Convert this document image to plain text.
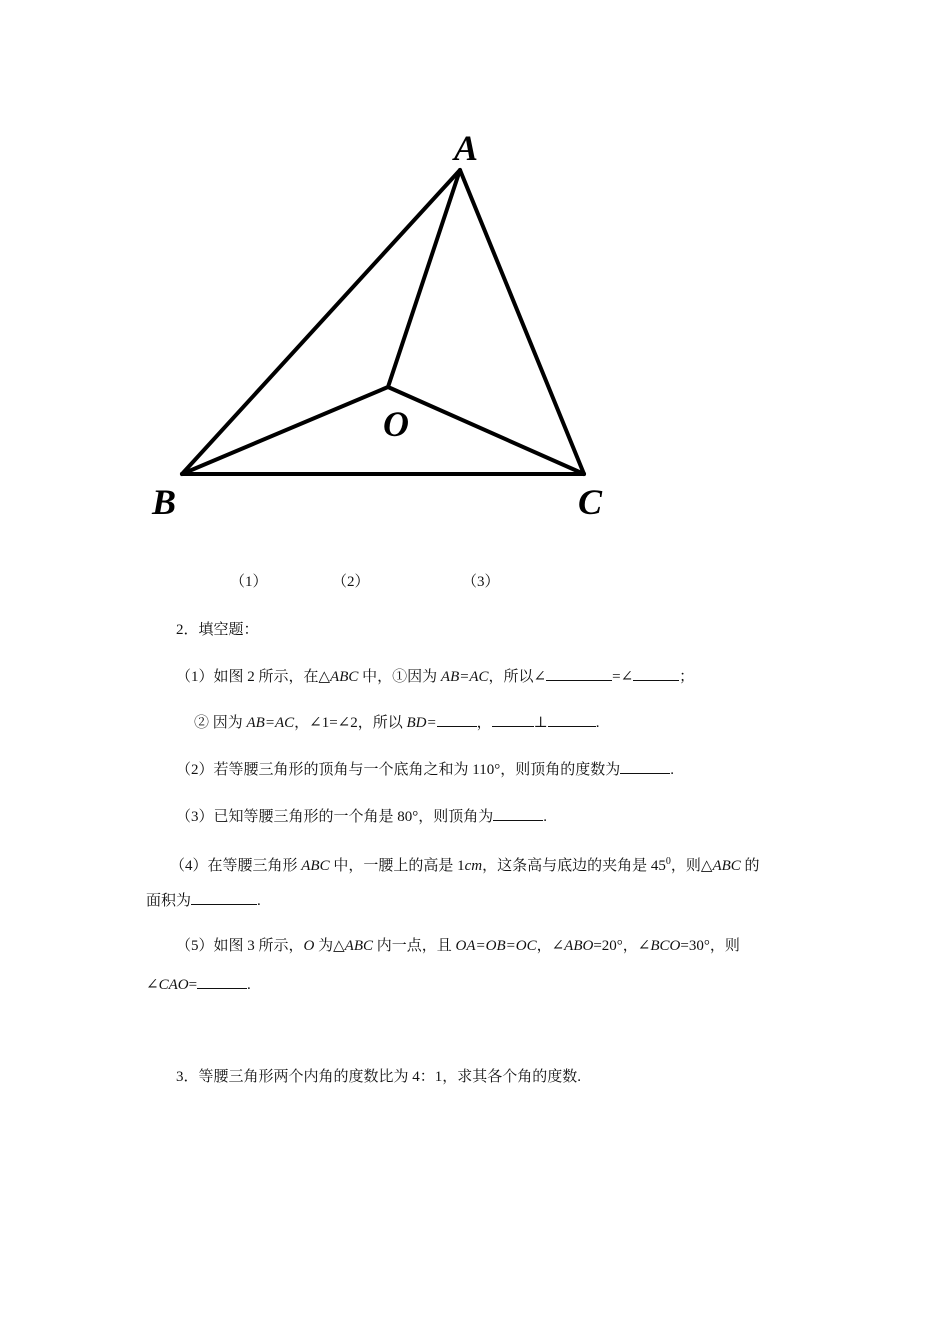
A
B	C
O
（1）	（2）	（3）
2．填空题：
（1）如图 2 所示，在△ABC 中，①因为 AB=AC，所以∠	=∠	；
② 因为 AB=AC，∠1=∠2，所以 BD=	，	⊥	.
（2）若等腰三角形的顶角与一个底角之和为 110°，则顶角的度数为	.
（3）已知等腰三角形的一个角是 80°，则顶角为	.
（4）在等腰三角形 ABC 中，一腰上的高是 1cm，这条高与底边的夹角是 $45^0$，则△ABC 的
面积为	.
（5）如图 3 所示，O 为△ABC 内一点，且 OA=OB=OC，∠ABO=20°，∠BCO=30°，则
∠CAO=	.
3．等腰三角形两个内角的度数比为 4：1，求其各个角的度数.
